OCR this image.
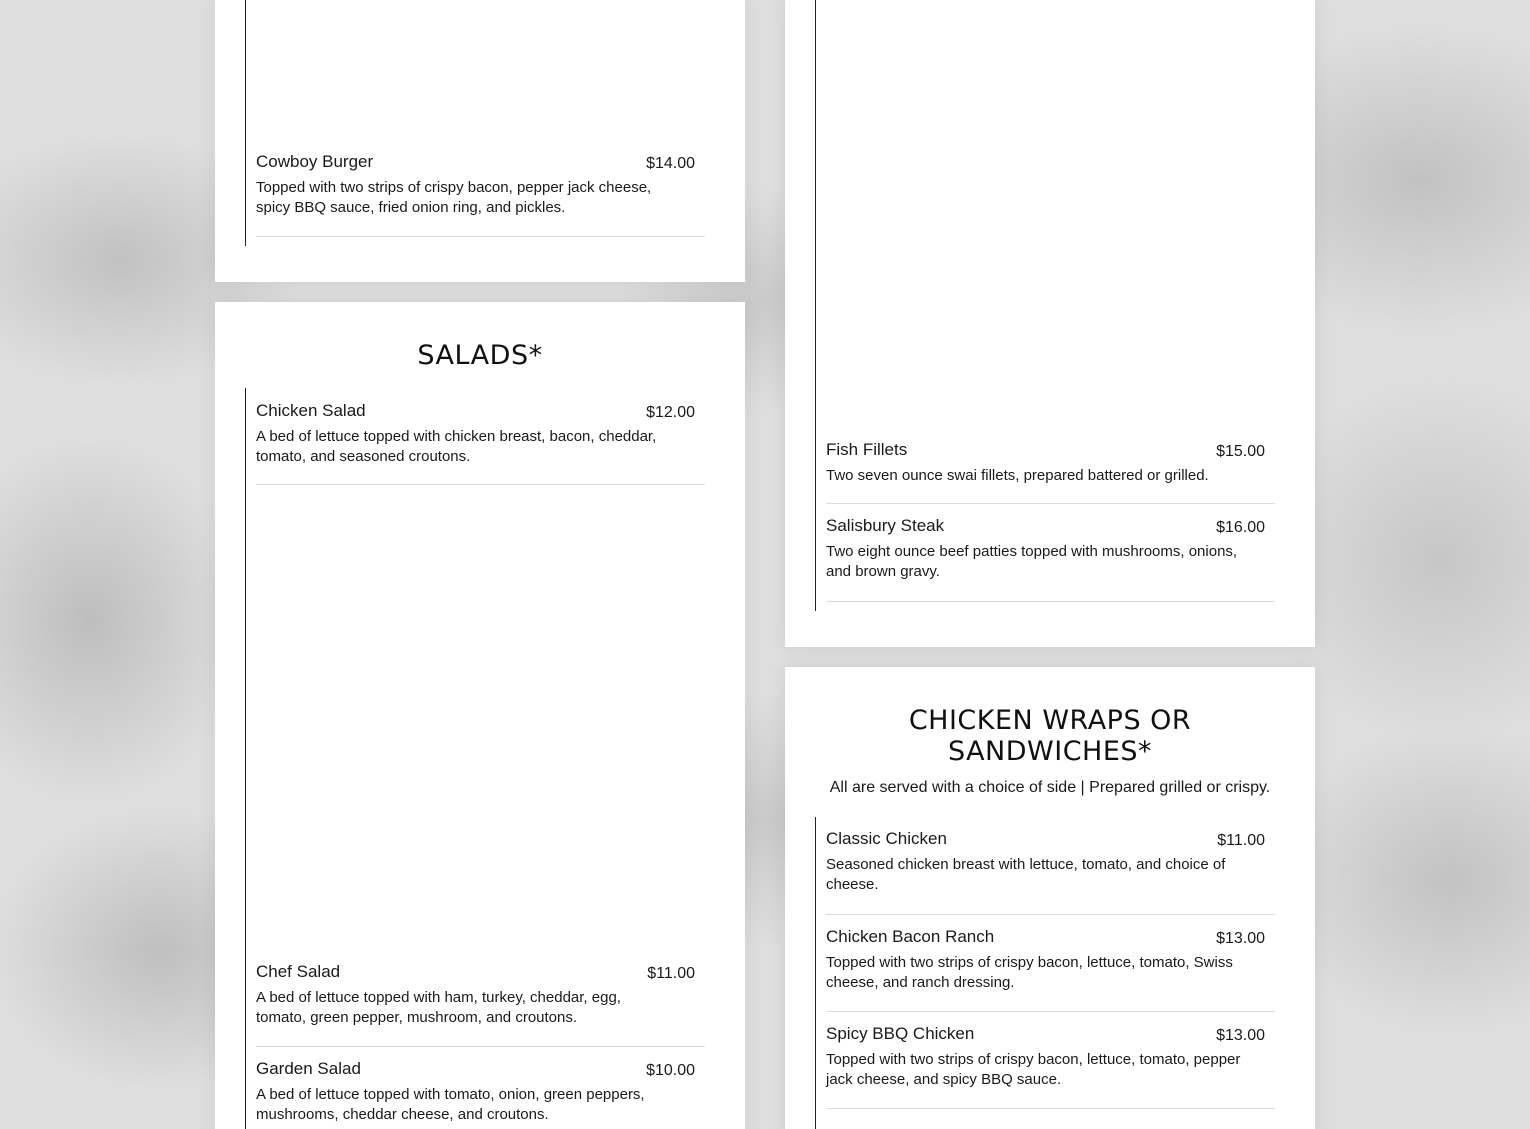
Cowboy Burger	$14.00

Topped with two strips of crispy bacon, pepper jack cheese, spicy BBQ sauce, fried onion ring, and pickles.

SALADS*
Chicken Salad	$12.00

A bed of lettuce topped with chicken breast, bacon, cheddar, tomato, and seasoned croutons.

Chef Salad	$11.00

A bed of lettuce topped with ham, turkey, cheddar, egg, tomato, green pepper, mushroom, and croutons.

Garden Salad	$10.00

A bed of lettuce topped with tomato, onion, green peppers, mushrooms, cheddar cheese, and croutons.

Fish Fillets	$15.00

Two seven ounce swai fillets, prepared battered or grilled.

Salisbury Steak	$16.00

Two eight ounce beef patties topped with mushrooms, onions, and brown gravy.

CHICKEN WRAPS OR SANDWICHES*

All are served with a choice of side | Prepared grilled or crispy.

Classic Chicken	$11.00

Seasoned chicken breast with lettuce, tomato, and choice of cheese.

Chicken Bacon Ranch	$13.00

Topped with two strips of crispy bacon, lettuce, tomato, Swiss cheese, and ranch dressing.

Spicy BBQ Chicken	$13.00

Topped with two strips of crispy bacon, lettuce, tomato, pepper jack cheese, and spicy BBQ sauce.
